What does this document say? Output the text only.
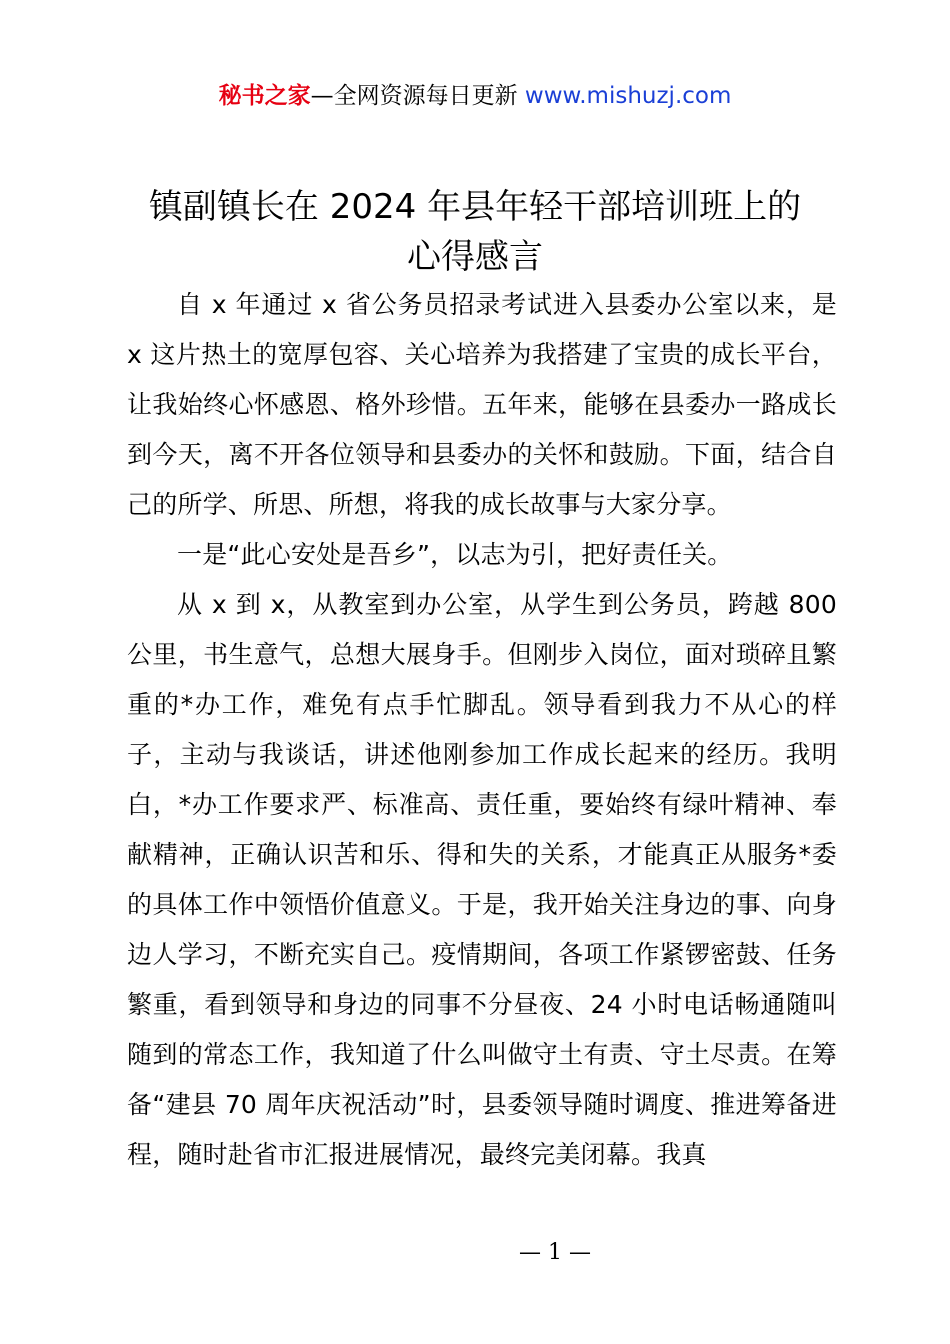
秘书之家—全网资源每日更新 www.mishuzj.com
镇副镇长在 2024 年县年轻干部培训班上的
心得感言

自 x 年通过 x 省公务员招录考试进入县委办公室以来，是 x 这片热土的宽厚包容、关心培养为我搭建了宝贵的成长平台，让我始终心怀感恩、格外珍惜。五年来，能够在县委办一路成长到今天，离不开各位领导和县委办的关怀和鼓励。下面，结合自己的所学、所思、所想，将我的成长故事与大家分享。

一是“此心安处是吾乡”，以志为引，把好责任关。

从 x 到 x，从教室到办公室，从学生到公务员，跨越 800 公里，书生意气，总想大展身手。但刚步入岗位，面对琐碎且繁重的*办工作，难免有点手忙脚乱。领导看到我力不从心的样子，主动与我谈话，讲述他刚参加工作成长起来的经历。我明白，*办工作要求严、标准高、责任重，要始终有绿叶精神、奉献精神，正确认识苦和乐、得和失的关系，才能真正从服务*委的具体工作中领悟价值意义。于是，我开始关注身边的事、向身边人学习，不断充实自己。疫情期间，各项工作紧锣密鼓、任务繁重，看到领导和身边的同事不分昼夜、24 小时电话畅通随叫随到的常态工作，我知道了什么叫做守土有责、守土尽责。在筹备“建县 70 周年庆祝活动”时，县委领导随时调度、推进筹备进程，随时赴省市汇报进展情况，最终完美闭幕。我真

— 1 —
